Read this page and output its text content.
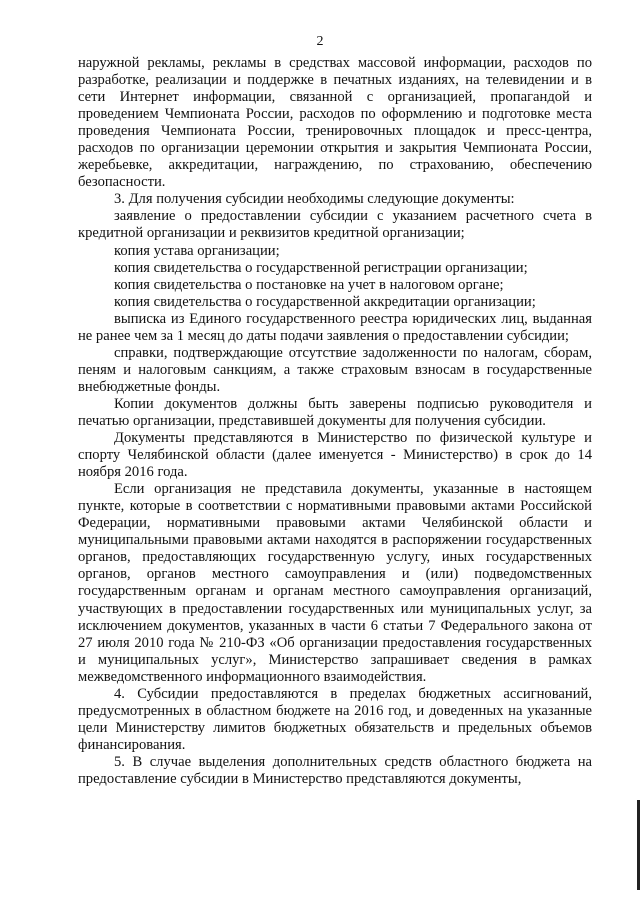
2

наружной рекламы, рекламы в средствах массовой информации, расходов по разработке, реализации и поддержке в печатных изданиях, на телевидении и в сети Интернет информации, связанной с организацией, пропагандой и проведением Чемпионата России, расходов по оформлению и подготовке места проведения Чемпионата России, тренировочных площадок и пресс-центра, расходов по организации церемонии открытия и закрытия Чемпионата России, жеребьевке, аккредитации, награждению, по страхованию, обеспечению безопасности.

3. Для получения субсидии необходимы следующие документы:

заявление о предоставлении субсидии с указанием расчетного счета в кредитной организации и реквизитов кредитной организации;

копия устава организации;

копия свидетельства о государственной регистрации организации;

копия свидетельства о постановке на учет в налоговом органе;

копия свидетельства о государственной аккредитации организации;

выписка из Единого государственного реестра юридических лиц, выданная не ранее чем за 1 месяц до даты подачи заявления о предоставлении субсидии;

справки, подтверждающие отсутствие задолженности по налогам, сборам, пеням и налоговым санкциям, а также страховым взносам в государственные внебюджетные фонды.

Копии документов должны быть заверены подписью руководителя и печатью организации, представившей документы для получения субсидии.

Документы представляются в Министерство по физической культуре и спорту Челябинской области (далее именуется - Министерство) в срок до 14 ноября 2016 года.

Если организация не представила документы, указанные в настоящем пункте, которые в соответствии с нормативными правовыми актами Российской Федерации, нормативными правовыми актами Челябинской области и муниципальными правовыми актами находятся в распоряжении государственных органов, предоставляющих государственную услугу, иных государственных органов, органов местного самоуправления и (или) подведомственных государственным органам и органам местного самоуправления организаций, участвующих в предоставлении государственных или муниципальных услуг, за исключением документов, указанных в части 6 статьи 7 Федерального закона от 27 июля 2010 года № 210-ФЗ «Об организации предоставления государственных и муниципальных услуг», Министерство запрашивает сведения в рамках межведомственного информационного взаимодействия.

4. Субсидии предоставляются в пределах бюджетных ассигнований, предусмотренных в областном бюджете на 2016 год, и доведенных на указанные цели Министерству лимитов бюджетных обязательств и предельных объемов финансирования.

5. В случае выделения дополнительных средств областного бюджета на предоставление субсидии в Министерство представляются документы,
